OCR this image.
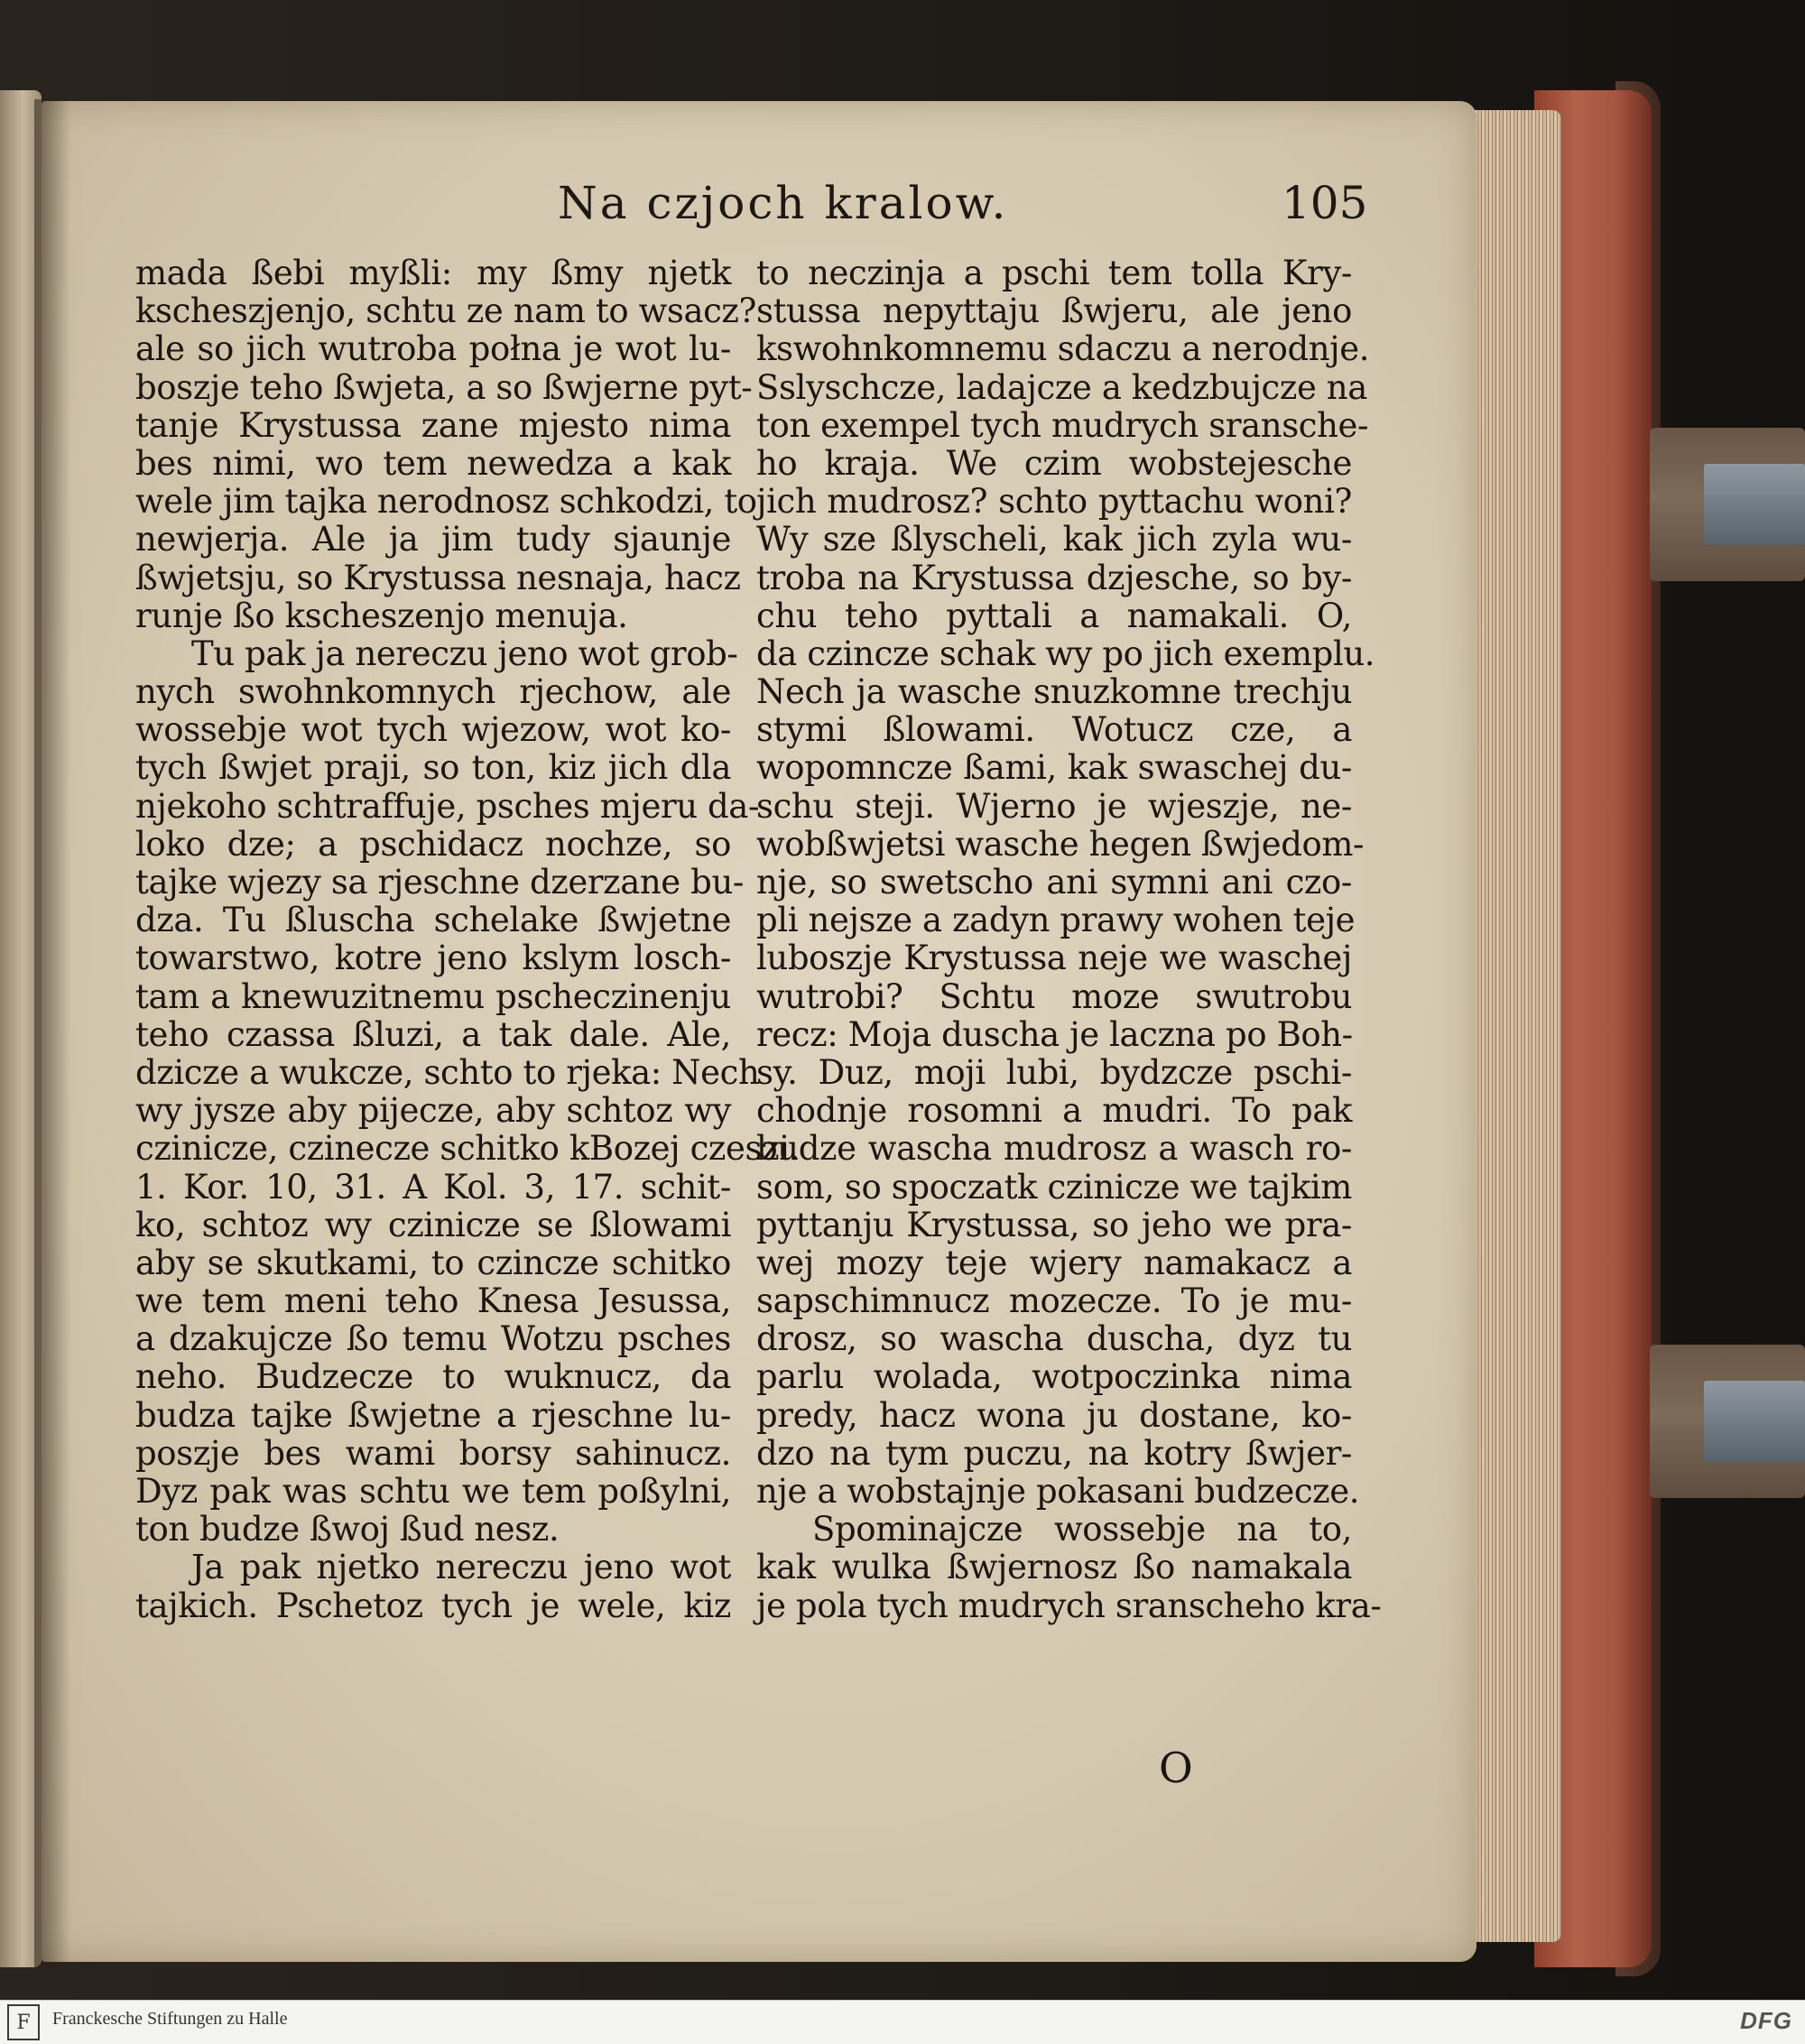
Na czjoch kralow.	105
mada ßebi myßli: my ßmy njetk
kscheszjenjo, schtu ze nam to wsacz?
ale so jich wutroba połna je wot lu-
boszje teho ßwjeta, a so ßwjerne pyt-
tanje Krystussa zane mjesto nima
bes nimi, wo tem newedza a kak
wele jim tajka nerodnosz schkodzi, to
newjerja. Ale ja jim tudy sjaunje
ßwjetsju, so Krystussa nesnaja, hacz
runje ßo kscheszenjo menuja.
Tu pak ja nereczu jeno wot grob-
nych swohnkomnych rjechow, ale
wossebje wot tych wjezow, wot ko-
tych ßwjet praji, so ton, kiz jich dla
njekoho schtraffuje, psches mjeru da-
loko dze; a pschidacz nochze, so
tajke wjezy sa rjeschne dzerzane bu-
dza. Tu ßluscha schelake ßwjetne
towarstwo, kotre jeno kslym losch-
tam a knewuzitnemu pscheczinenju
teho czassa ßluzi, a tak dale. Ale,
dzicze a wukcze, schto to rjeka: Nech
wy jysze aby pijecze, aby schtoz wy
czinicze, czinecze schitko kBozej czeszi.
1. Kor. 10, 31. A Kol. 3, 17. schit-
ko, schtoz wy czinicze se ßlowami
aby se skutkami, to czincze schitko
we tem meni teho Knesa Jesussa,
a dzakujcze ßo temu Wotzu psches
neho. Budzecze to wuknucz, da
budza tajke ßwjetne a rjeschne lu-
poszje bes wami borsy sahinucz.
Dyz pak was schtu we tem poßylni,
ton budze ßwoj ßud nesz.
Ja pak njetko nereczu jeno wot
tajkich. Pschetoz tych je wele, kiz
to neczinja a pschi tem tolla Kry-
stussa nepyttaju ßwjeru, ale jeno
kswohnkomnemu sdaczu a nerodnje.
Sslyschcze, ladajcze a kedzbujcze na
ton exempel tych mudrych sransche-
ho kraja. We czim wobstejesche
jich mudrosz? schto pyttachu woni?
Wy sze ßlyscheli, kak jich zyla wu-
troba na Krystussa dzjesche, so by-
chu teho pyttali a namakali. O,
da czincze schak wy po jich exemplu.
Nech ja wasche snuzkomne trechju
stymi ßlowami. Wotucz cze, a
wopomncze ßami, kak swaschej du-
schu steji. Wjerno je wjeszje, ne-
wobßwjetsi wasche hegen ßwjedom-
nje, so swetscho ani symni ani czo-
pli nejsze a zadyn prawy wohen teje
luboszje Krystussa neje we waschej
wutrobi? Schtu moze swutrobu
recz: Moja duscha je laczna po Boh-
sy. Duz, moji lubi, bydzcze pschi-
chodnje rosomni a mudri. To pak
budze wascha mudrosz a wasch ro-
som, so spoczatk czinicze we tajkim
pyttanju Krystussa, so jeho we pra-
wej mozy teje wjery namakacz a
sapschimnucz mozecze. To je mu-
drosz, so wascha duscha, dyz tu
parlu wolada, wotpoczinka nima
predy, hacz wona ju dostane, ko-
dzo na tym puczu, na kotry ßwjer-
nje a wobstajnje pokasani budzecze.
Spominajcze wossebje na to,
kak wulka ßwjernosz ßo namakala
je pola tych mudrych sranscheho kra-
O
F	Franckesche Stiftungen zu Halle	DFG
